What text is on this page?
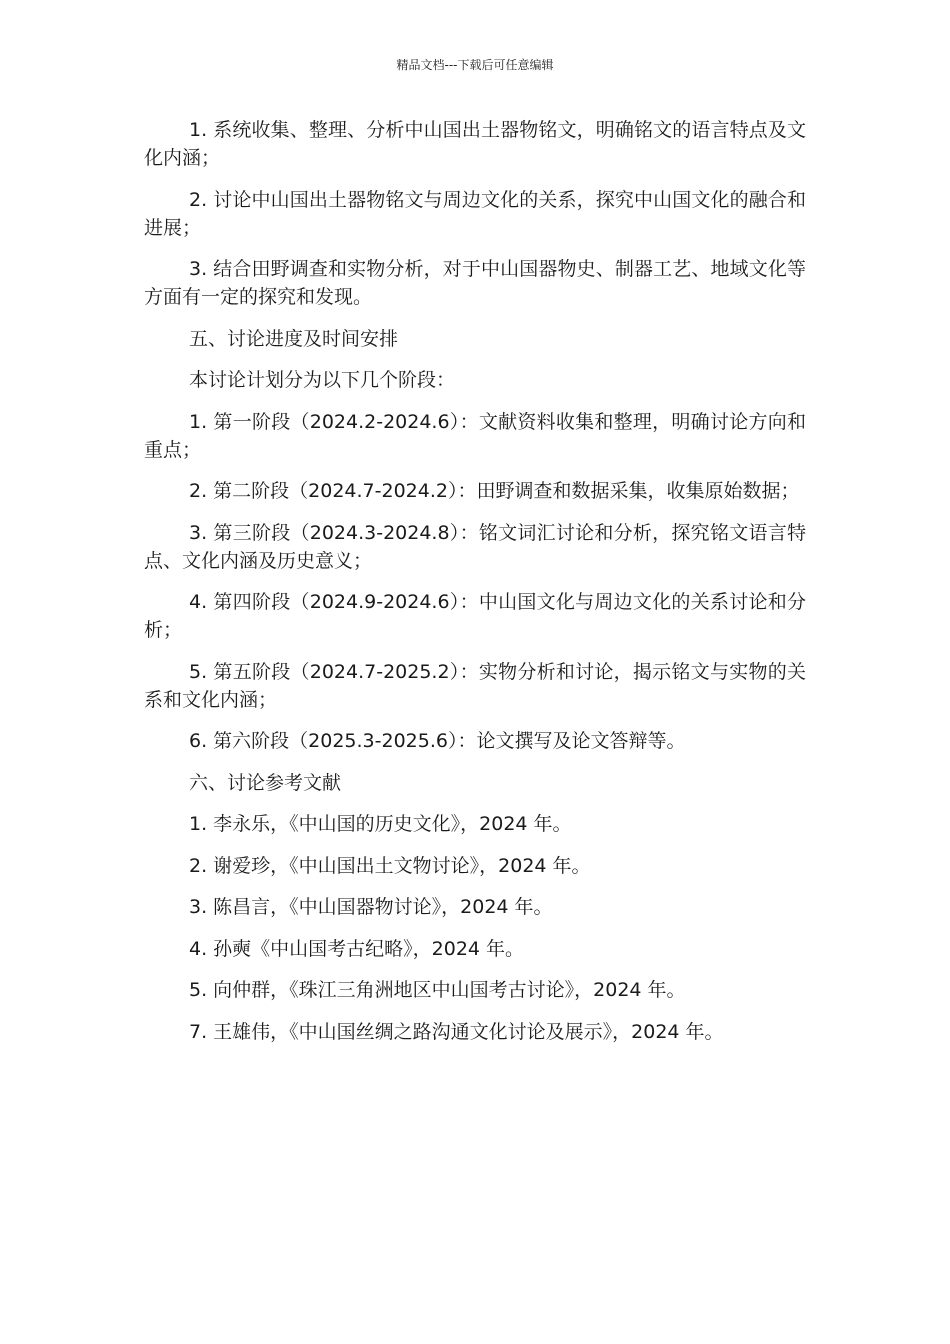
精品文档---下载后可任意编辑

1. 系统收集、整理、分析中山国出土器物铭文，明确铭文的语言特点及文化内涵；

2. 讨论中山国出土器物铭文与周边文化的关系，探究中山国文化的融合和进展；

3. 结合田野调查和实物分析，对于中山国器物史、制器工艺、地域文化等方面有一定的探究和发现。

五、讨论进度及时间安排

本讨论计划分为以下几个阶段：

1. 第一阶段（2024.2-2024.6）：文献资料收集和整理，明确讨论方向和重点；

2. 第二阶段（2024.7-2024.2）：田野调查和数据采集，收集原始数据；

3. 第三阶段（2024.3-2024.8）：铭文词汇讨论和分析，探究铭文语言特点、文化内涵及历史意义；

4. 第四阶段（2024.9-2024.6）：中山国文化与周边文化的关系讨论和分析；

5. 第五阶段（2024.7-2025.2）：实物分析和讨论，揭示铭文与实物的关系和文化内涵；

6. 第六阶段（2025.3-2025.6）：论文撰写及论文答辩等。

六、讨论参考文献

1. 李永乐，《中山国的历史文化》，2024 年。

2. 谢爱珍，《中山国出土文物讨论》，2024 年。

3. 陈昌言，《中山国器物讨论》，2024 年。

4. 孙奭《中山国考古纪略》，2024 年。

5. 向仲群，《珠江三角洲地区中山国考古讨论》，2024 年。

7. 王雄伟，《中山国丝绸之路沟通文化讨论及展示》，2024 年。
